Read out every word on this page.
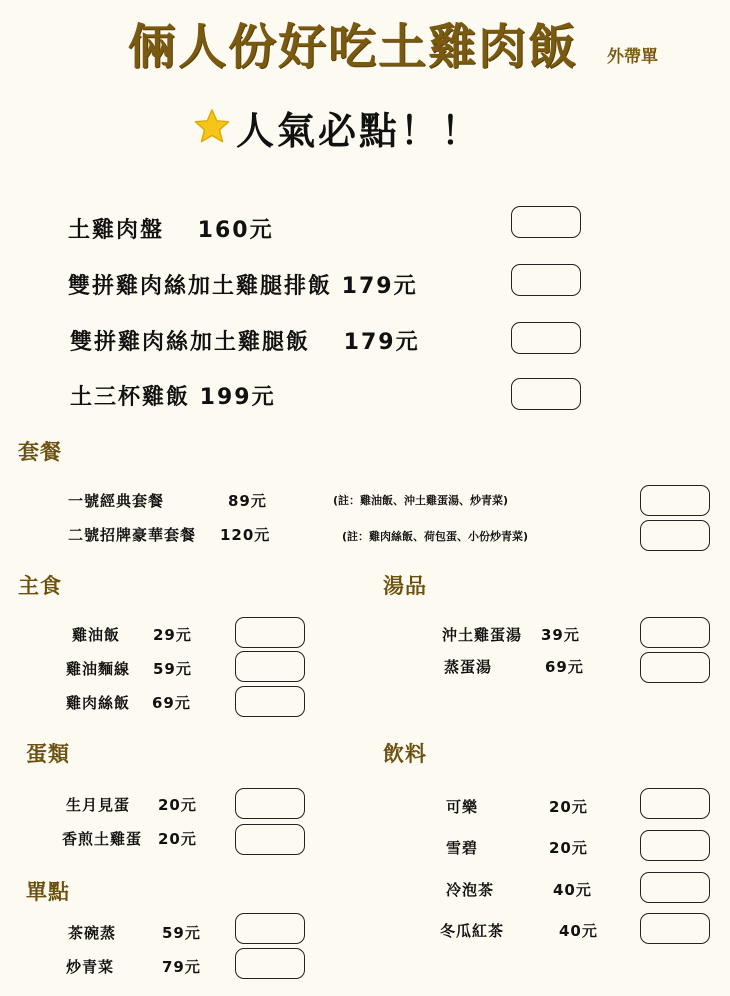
倆人份好吃土雞肉飯 外帶單
人氣必點！！
土雞肉盤　 160元
雙拼雞肉絲加土雞腿排飯 179元
雙拼雞肉絲加土雞腿飯　 179元
土三杯雞飯 199元
套餐
一號經典套餐	89元	(註：雞油飯、沖土雞蛋湯、炒青菜)
二號招牌豪華套餐 120元	(註：雞肉絲飯、荷包蛋、小份炒青菜)
主食
雞油飯 29元
雞油麵線 59元
雞肉絲飯 69元
湯品
沖土雞蛋湯 39元
蒸蛋湯	69元
蛋類
生月見蛋 20元
香煎土雞蛋 20元
飲料
可樂	20元
雪碧	20元
冷泡茶	40元
冬瓜紅茶	40元
單點
茶碗蒸	59元
炒青菜	79元
